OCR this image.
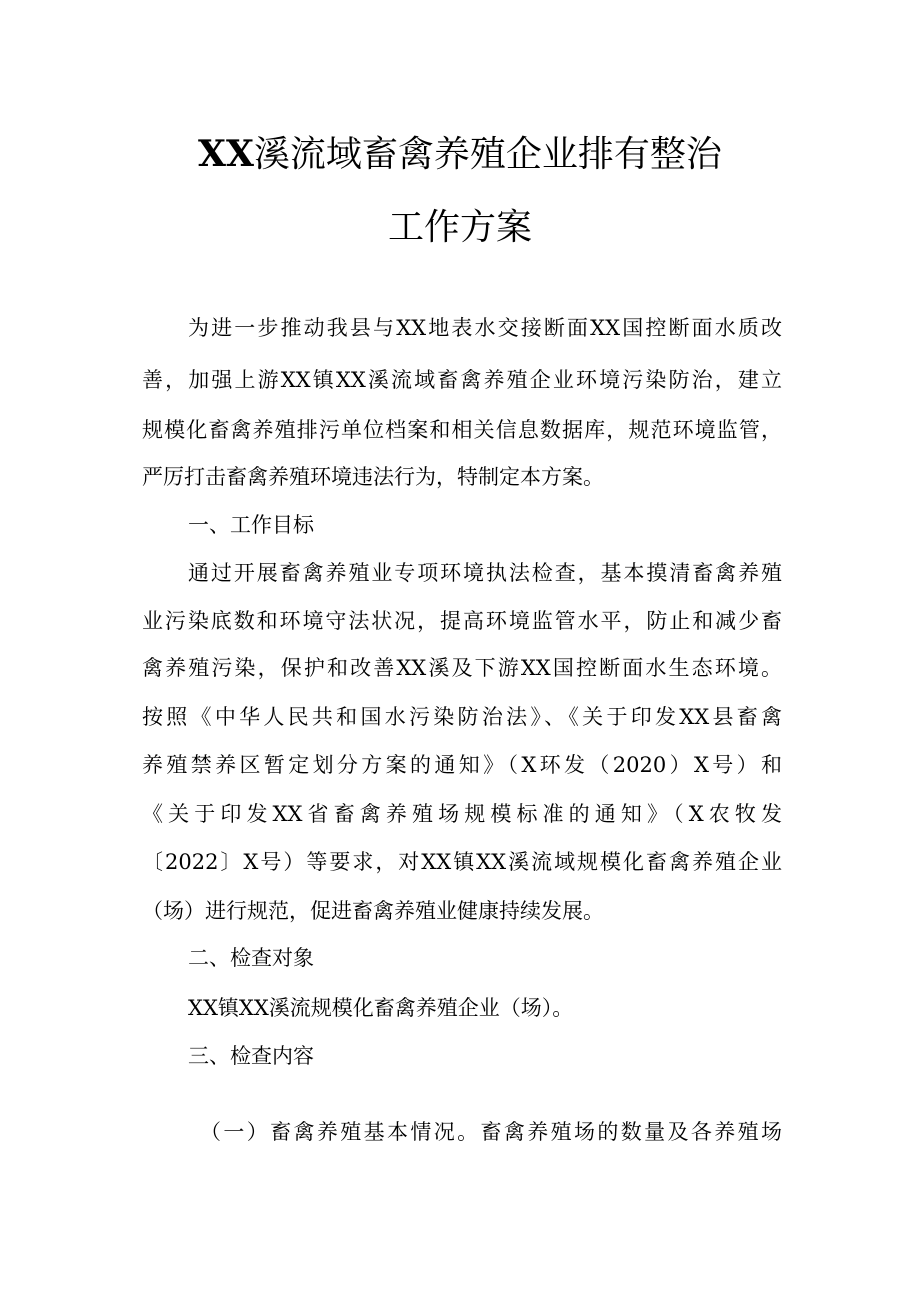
XX溪流域畜禽养殖企业排有整治
工作方案
为进一步推动我县与XX地表水交接断面XX国控断面水质改
善，加强上游XX镇XX溪流域畜禽养殖企业环境污染防治，建立
规模化畜禽养殖排污单位档案和相关信息数据库，规范环境监管，
严厉打击畜禽养殖环境违法行为，特制定本方案。
一、工作目标
通过开展畜禽养殖业专项环境执法检查，基本摸清畜禽养殖
业污染底数和环境守法状况，提高环境监管水平，防止和减少畜
禽养殖污染，保护和改善XX溪及下游XX国控断面水生态环境。
按照《中华人民共和国水污染防治法》、《关于印发XX县畜禽
养殖禁养区暂定划分方案的通知》（X环发（2020）X号）和
《关于印发XX省畜禽养殖场规模标准的通知》（X农牧发
〔2022〕X号）等要求，对XX镇XX溪流域规模化畜禽养殖企业
（场）进行规范，促进畜禽养殖业健康持续发展。
二、检查对象
XX镇XX溪流规模化畜禽养殖企业（场）。
三、检查内容
（一）畜禽养殖基本情况。畜禽养殖场的数量及各养殖场
